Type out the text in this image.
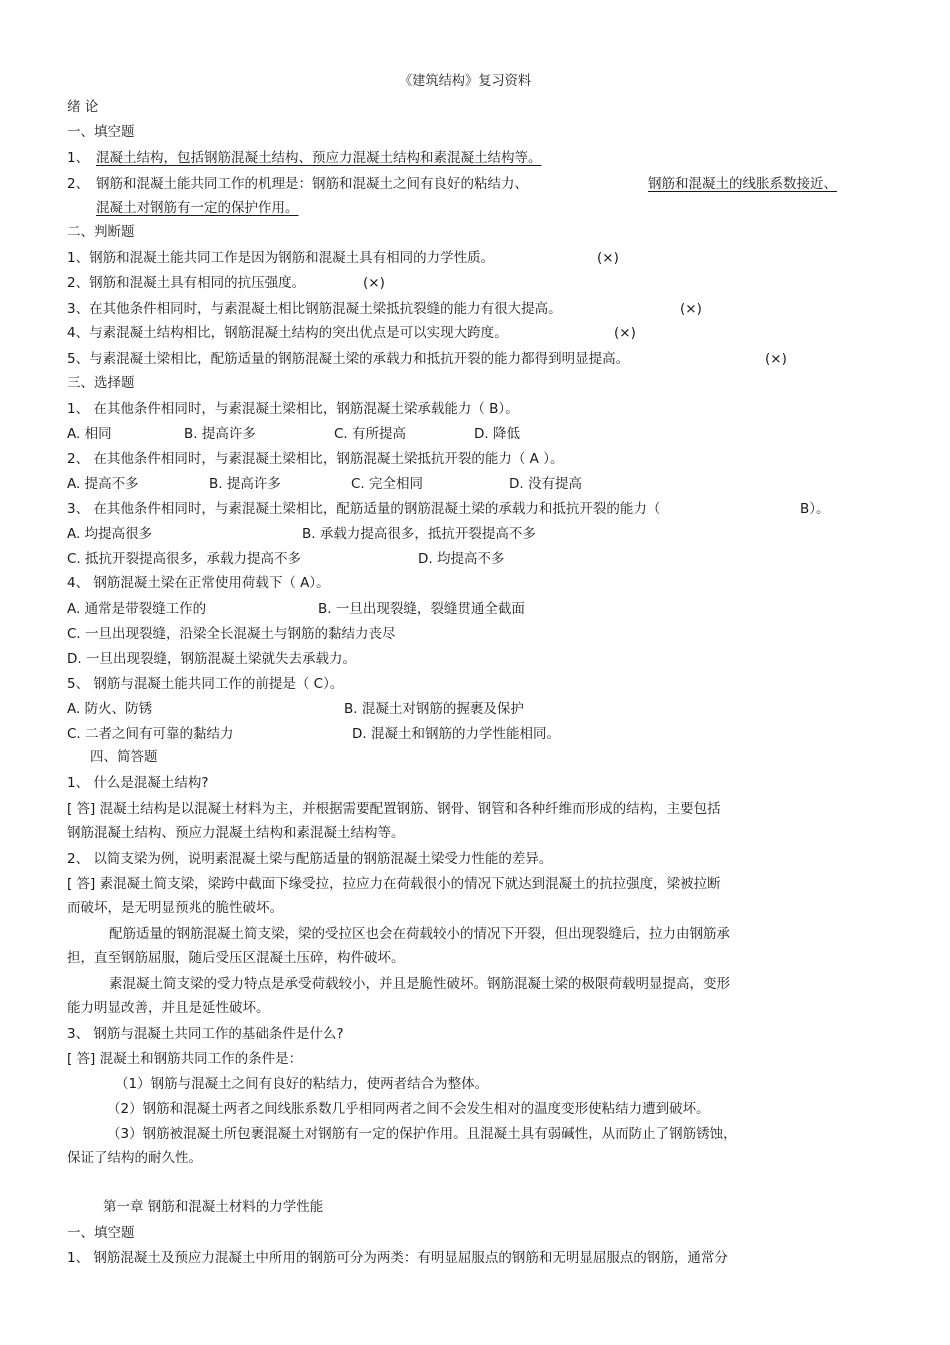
《建筑结构》复习资料
绪 论
一、填空题
1、 混凝土结构，包括钢筋混凝土结构、预应力混凝土结构和素混凝土结构等。
2、 钢筋和混凝土能共同工作的机理是：钢筋和混凝土之间有良好的粘结力、	钢筋和混凝土的线胀系数接近、
混凝土对钢筋有一定的保护作用。
二、判断题
1、钢筋和混凝土能共同工作是因为钢筋和混凝土具有相同的力学性质。	(×)
2、钢筋和混凝土具有相同的抗压强度。	(×)
3、在其他条件相同时，与素混凝土相比钢筋混凝土梁抵抗裂缝的能力有很大提高。	(×)
4、与素混凝土结构相比，钢筋混凝土结构的突出优点是可以实现大跨度。	(×)
5、与素混凝土梁相比，配筋适量的钢筋混凝土梁的承载力和抵抗开裂的能力都得到明显提高。	(×)
三、选择题
1、 在其他条件相同时，与素混凝土梁相比，钢筋混凝土梁承载能力（ B）。
A. 相同	B. 提高许多	C. 有所提高	D. 降低
2、 在其他条件相同时，与素混凝土梁相比，钢筋混凝土梁抵抗开裂的能力（ A ）。
A. 提高不多	B. 提高许多	C. 完全相同	D. 没有提高
3、 在其他条件相同时，与素混凝土梁相比，配筋适量的钢筋混凝土梁的承载力和抵抗开裂的能力（	B）。
A. 均提高很多	B. 承载力提高很多，抵抗开裂提高不多
C. 抵抗开裂提高很多，承载力提高不多	D. 均提高不多
4、 钢筋混凝土梁在正常使用荷载下（ A）。
A. 通常是带裂缝工作的	B. 一旦出现裂缝，裂缝贯通全截面
C. 一旦出现裂缝，沿梁全长混凝土与钢筋的黏结力丧尽
D. 一旦出现裂缝，钢筋混凝土梁就失去承载力。
5、 钢筋与混凝土能共同工作的前提是（ C）。
A. 防火、防锈	B. 混凝土对钢筋的握裹及保护
C. 二者之间有可靠的黏结力	D. 混凝土和钢筋的力学性能相同。
四、简答题
1、 什么是混凝土结构?
[ 答] 混凝土结构是以混凝土材料为主，并根据需要配置钢筋、钢骨、钢管和各种纤维而形成的结构，主要包括
钢筋混凝土结构、预应力混凝土结构和素混凝土结构等。
2、 以简支梁为例，说明素混凝土梁与配筋适量的钢筋混凝土梁受力性能的差异。
[ 答] 素混凝土简支梁，梁跨中截面下缘受拉，拉应力在荷载很小的情况下就达到混凝土的抗拉强度，梁被拉断
而破坏，是无明显预兆的脆性破坏。
配筋适量的钢筋混凝土简支梁，梁的受拉区也会在荷载较小的情况下开裂，但出现裂缝后，拉力由钢筋承
担，直至钢筋屈服，随后受压区混凝土压碎，构件破坏。
素混凝土简支梁的受力特点是承受荷载较小，并且是脆性破坏。钢筋混凝土梁的极限荷载明显提高，变形
能力明显改善，并且是延性破坏。
3、 钢筋与混凝土共同工作的基础条件是什么?
[ 答] 混凝土和钢筋共同工作的条件是：
（1）钢筋与混凝土之间有良好的粘结力，使两者结合为整体。
（2）钢筋和混凝土两者之间线胀系数几乎相同两者之间不会发生相对的温度变形使粘结力遭到破坏。
（3）钢筋被混凝土所包裹混凝土对钢筋有一定的保护作用。且混凝土具有弱碱性，从而防止了钢筋锈蚀，
保证了结构的耐久性。
第一章 钢筋和混凝土材料的力学性能
一、填空题
1、 钢筋混凝土及预应力混凝土中所用的钢筋可分为两类：有明显屈服点的钢筋和无明显屈服点的钢筋，通常分
